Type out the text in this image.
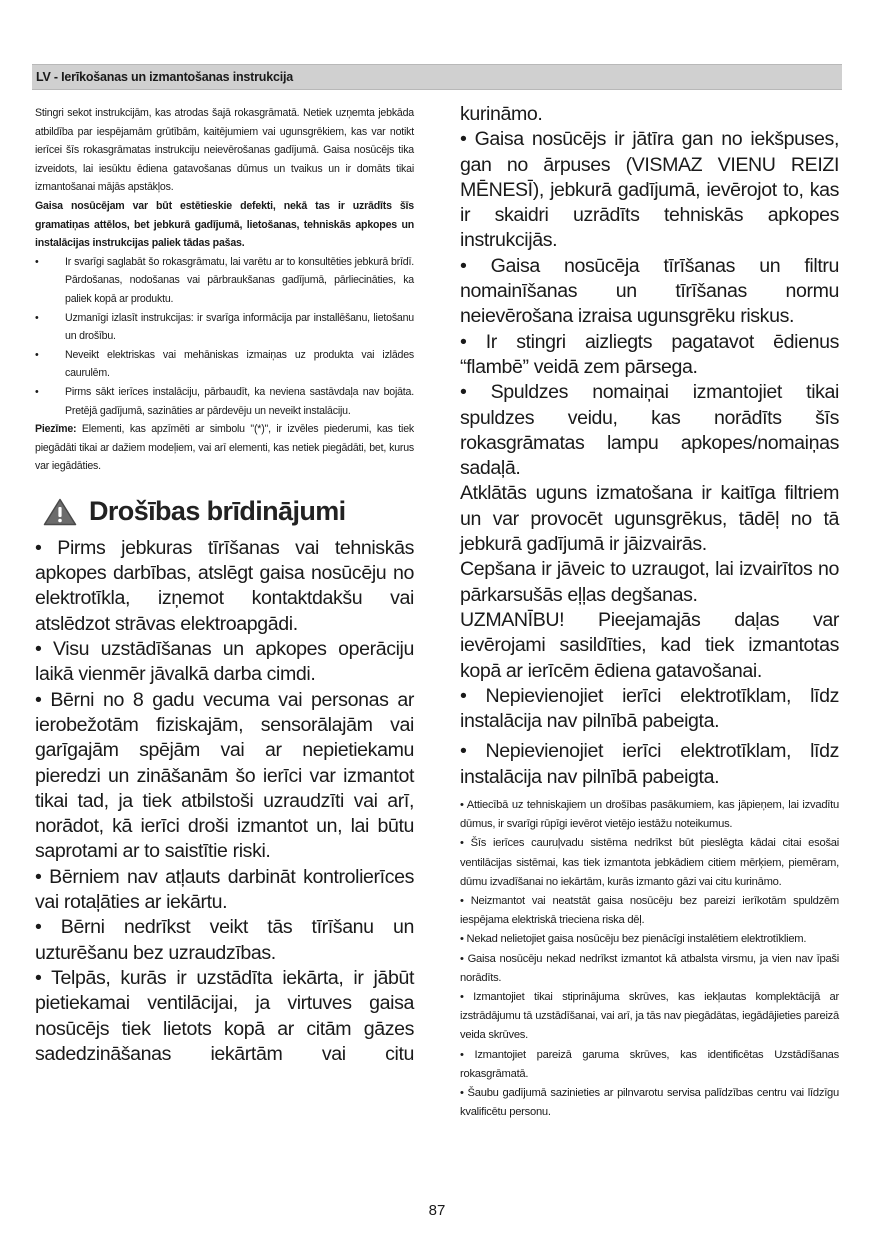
LV - Ierīkošanas un izmantošanas instrukcija

Stingri sekot instrukcijām, kas atrodas šajā rokasgrāmatā. Netiek uzņemta jebkāda atbildība par iespējamām grūtībām, kaitējumiem vai ugunsgrēkiem, kas var notikt ierīcei šīs rokasgrāmatas instrukciju neievērošanas gadījumā. Gaisa nosūcējs tika izveidots, lai iesūktu ēdiena gatavošanas dūmus un tvaikus un ir domāts tikai izmantošanai mājās apstākļos.

Gaisa nosūcējam var būt estētieskie defekti, nekā tas ir uzrādīts šīs gramatiņas attēlos, bet jebkurā gadījumā, lietošanas, tehniskās apkopes un instalācijas instrukcijas paliek tādas pašas.

• Ir svarīgi saglabāt šo rokasgrāmatu, lai varētu ar to konsultēties jebkurā brīdī. Pārdošanas, nodošanas vai pārbraukšanas gadījumā, pārliecināties, ka paliek kopā ar produktu.
• Uzmanīgi izlasīt instrukcijas: ir svarīga informācija par installēšanu, lietošanu un drošību.
• Neveikt elektriskas vai mehāniskas izmaiņas uz produkta vai izlādes caurulēm.
• Pirms sākt ierīces instalāciju, pārbaudīt, ka neviena sastāvdaļa nav bojāta. Pretējā gadījumā, sazināties ar pārdevēju un neveikt instalāciju.

Piezīme: Elementi, kas apzīmēti ar simbolu "(*)", ir izvēles piederumi, kas tiek piegādāti tikai ar dažiem modeļiem, vai arī elementi, kas netiek piegādāti, bet, kurus var iegādāties.

Drošības brīdinājumi

• Pirms jebkuras tīrīšanas vai tehniskās apkopes darbības, atslēgt gaisa nosūcēju no elektrotīkla, izņemot kontaktdakšu vai atslēdzot strāvas elektroapgādi.

• Visu uzstādīšanas un apkopes operāciju laikā vienmēr jāvalkā darba cimdi.

• Bērni no 8 gadu vecuma vai personas ar ierobežotām fiziskajām, sensorālajām vai garīgajām spējām vai ar nepietiekamu pieredzi un zināšanām šo ierīci var izmantot tikai tad, ja tiek atbilstoši uzraudzīti vai arī, norādot, kā ierīci droši izmantot un, lai būtu saprotami ar to saistītie riski.

• Bērniem nav atļauts darbināt kontrolierīces vai rotaļāties ar iekārtu.

• Bērni nedrīkst veikt tās tīrīšanu un uzturēšanu bez uzraudzības.

• Telpās, kurās ir uzstādīta iekārta, ir jābūt pietiekamai ventilācijai, ja virtuves gaisa nosūcējs tiek lietots kopā ar citām gāzes sadedzināšanas iekārtām vai citu

kurināmo.

• Gaisa nosūcējs ir jātīra gan no iekšpuses, gan no ārpuses (VISMAZ VIENU REIZI MĒNESĪ), jebkurā gadījumā, ievērojot to, kas ir skaidri uzrādīts tehniskās apkopes instrukcijās.

• Gaisa nosūcēja tīrīšanas un filtru nomainīšanas un tīrīšanas normu neievērošana izraisa ugunsgrēku riskus.

• Ir stingri aizliegts pagatavot ēdienus “flambē” veidā zem pārsega.

• Spuldzes nomaiņai izmantojiet tikai spuldzes veidu, kas norādīts šīs rokasgrāmatas lampu apkopes/nomaiņas sadaļā.

Atklātās uguns izmatošana ir kaitīga filtriem un var provocēt ugunsgrēkus, tādēļ no tā jebkurā gadījumā ir jāizvairās.

Cepšana ir jāveic to uzraugot, lai izvairītos no pārkarsušās eļļas degšanas.

UZMANĪBU! Pieejamajās daļas var ievērojami sasildīties, kad tiek izmantotas kopā ar ierīcēm ēdiena gatavošanai.

• Nepievienojiet ierīci elektrotīklam, līdz instalācija nav pilnībā pabeigta.

• Nepievienojiet ierīci elektrotīklam, līdz instalācija nav pilnībā pabeigta.

• Attiecībā uz tehniskajiem un drošības pasākumiem, kas jāpieņem, lai izvadītu dūmus, ir svarīgi rūpīgi ievērot vietējo iestāžu noteikumus.

• Šīs ierīces cauruļvadu sistēma nedrīkst būt pieslēgta kādai citai esošai ventilācijas sistēmai, kas tiek izmantota jebkādiem citiem mērķiem, piemēram, dūmu izvadīšanai no iekārtām, kurās izmanto gāzi vai citu kurināmo.

• Neizmantot vai neatstāt gaisa nosūcēju bez pareizi ierīkotām spuldzēm iespējama elektriskā trieciena riska dēļ.

• Nekad nelietojiet gaisa nosūcēju bez pienācīgi instalētiem elektrotīkliem.

• Gaisa nosūcēju nekad nedrīkst izmantot kā atbalsta virsmu, ja vien nav īpaši norādīts.

• Izmantojiet tikai stiprinājuma skrūves, kas iekļautas komplektācijā ar izstrādājumu tā uzstādīšanai, vai arī, ja tās nav piegādātas, iegādājieties pareizā veida skrūves.

• Izmantojiet pareizā garuma skrūves, kas identificētas Uzstādīšanas rokasgrāmatā.

• Šaubu gadījumā sazinieties ar pilnvarotu servisa palīdzības centru vai līdzīgu kvalificētu personu.

87
